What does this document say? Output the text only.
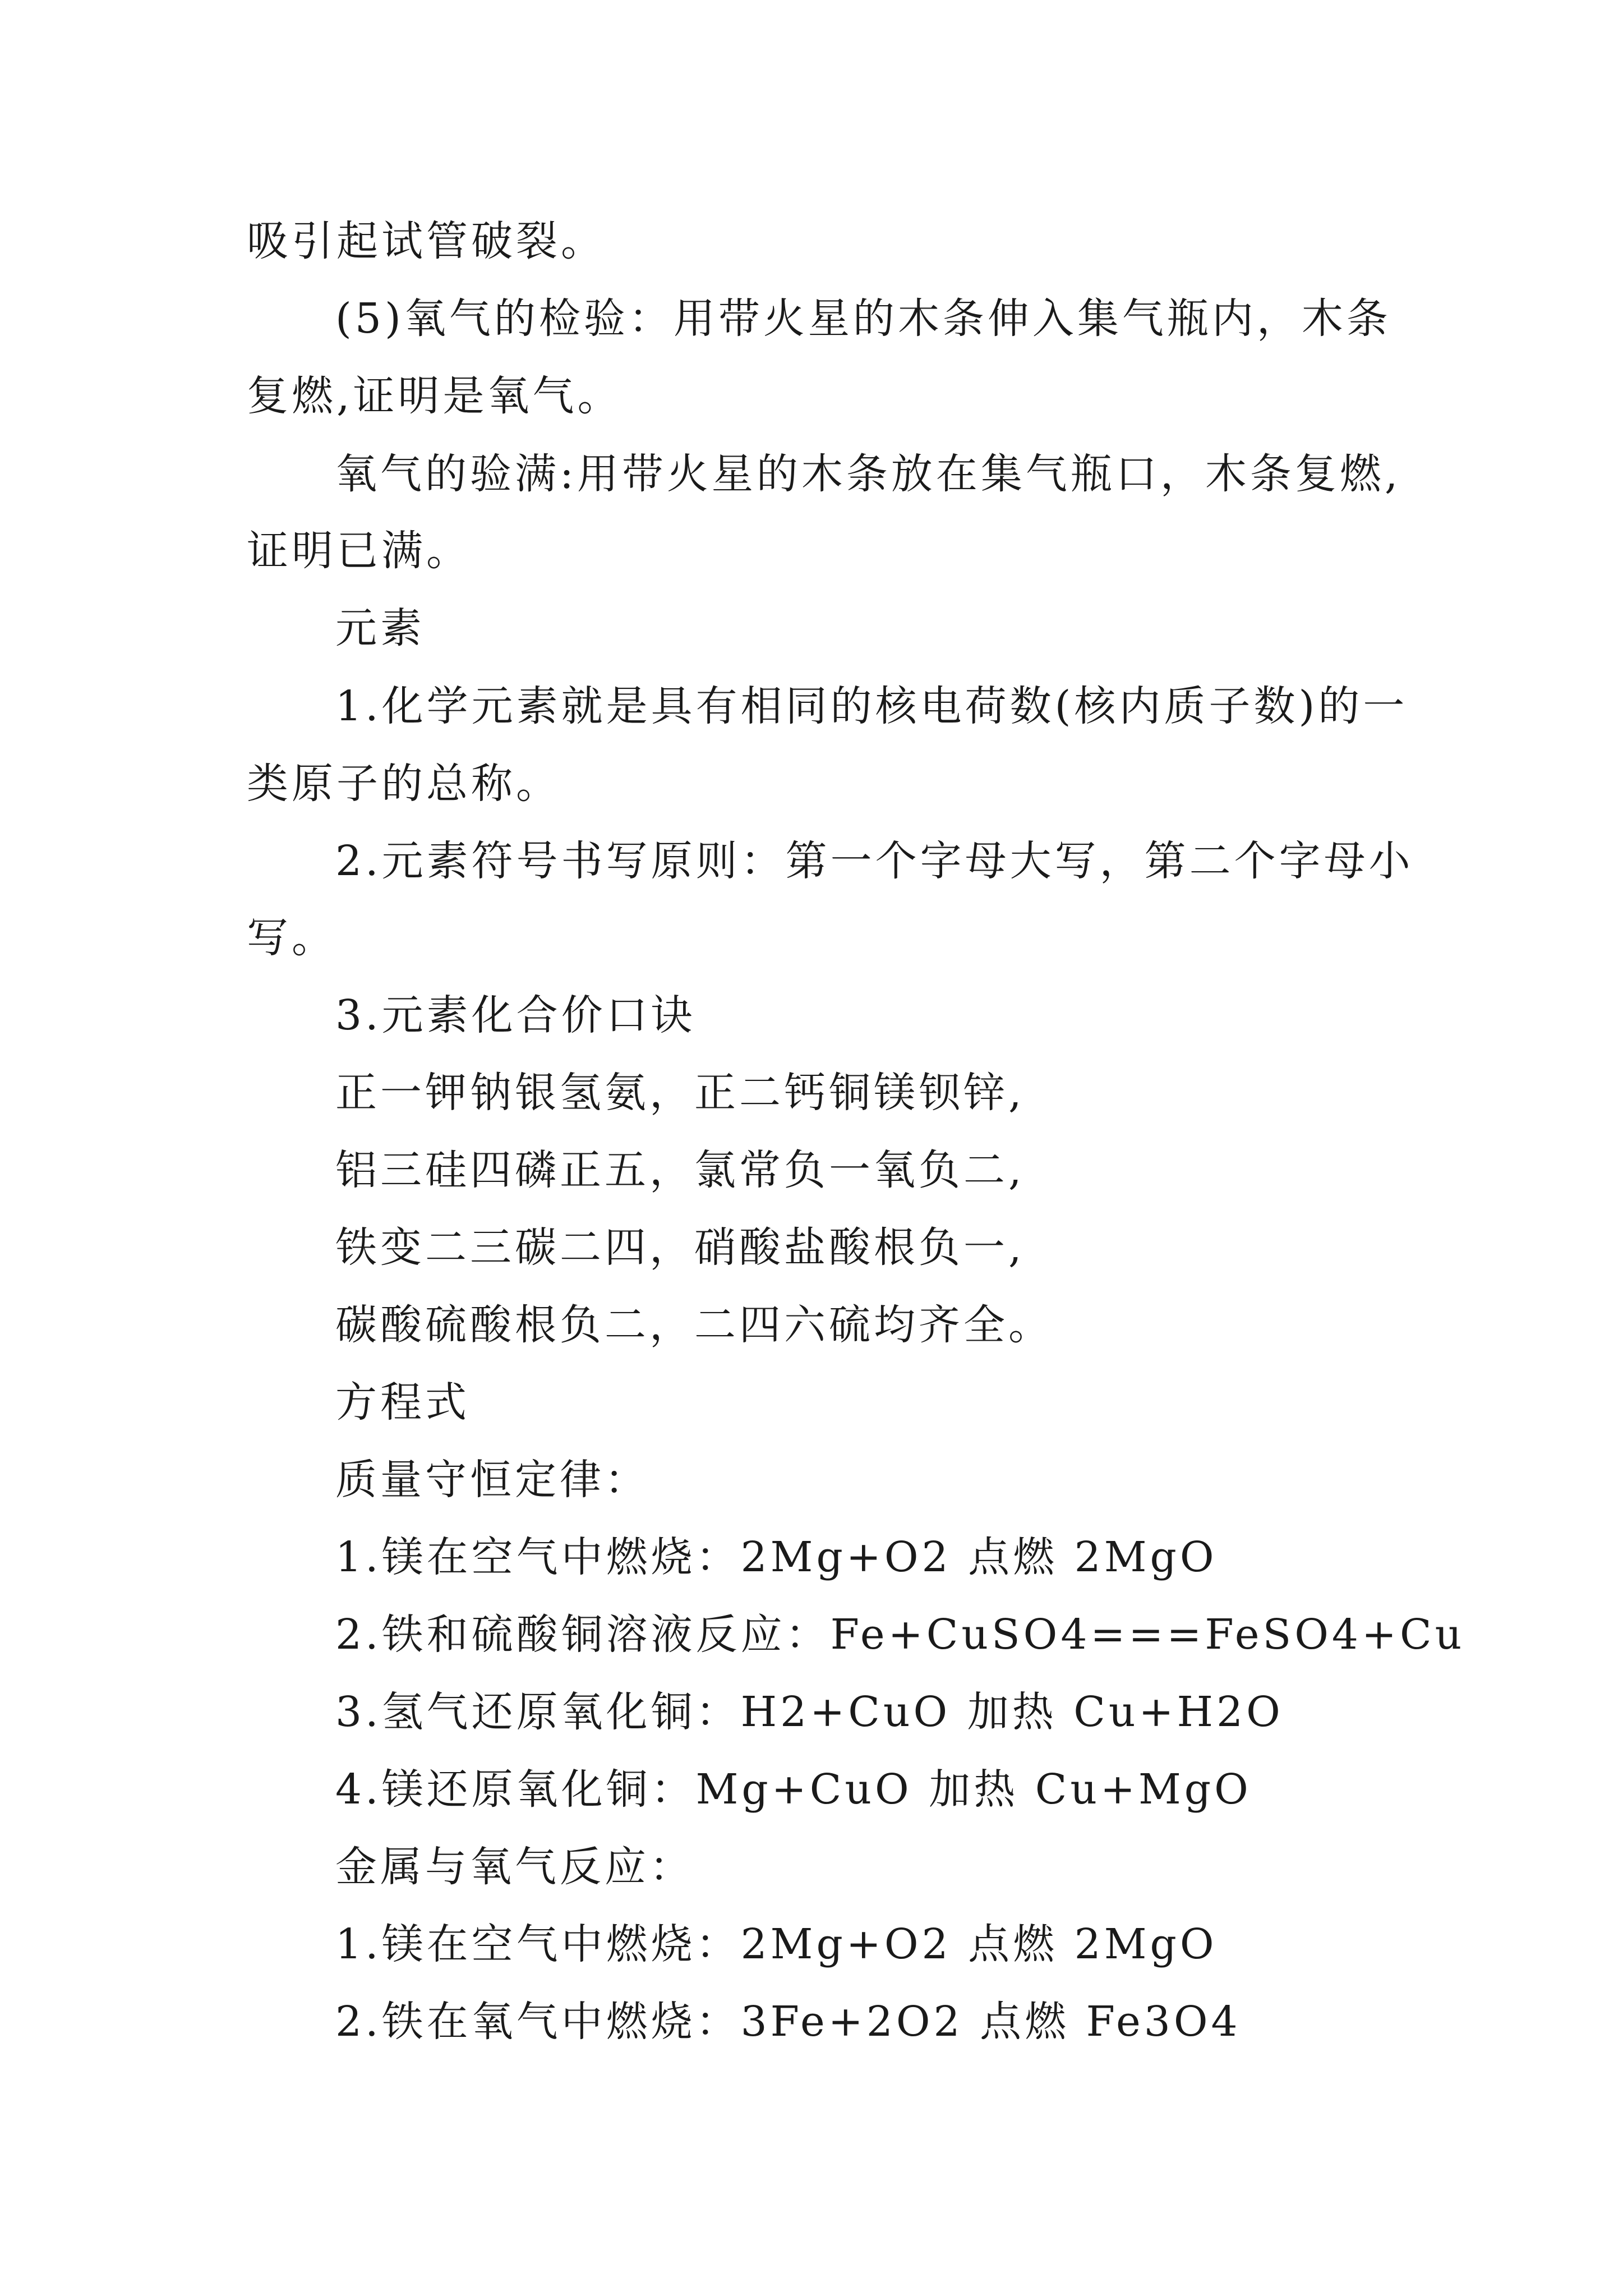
吸引起试管破裂。
(5)氧气的检验：用带火星的木条伸入集气瓶内，木条
复燃,证明是氧气。
氧气的验满:用带火星的木条放在集气瓶口，木条复燃,
证明已满。
元素
1.化学元素就是具有相同的核电荷数(核内质子数)的一
类原子的总称。
2.元素符号书写原则：第一个字母大写，第二个字母小
写。
3.元素化合价口诀
正一钾钠银氢氨，正二钙铜镁钡锌,
铝三硅四磷正五，氯常负一氧负二,
铁变二三碳二四，硝酸盐酸根负一,
碳酸硫酸根负二，二四六硫均齐全。
方程式
质量守恒定律：
1.镁在空气中燃烧：2Mg+O2 点燃 2MgO
2.铁和硫酸铜溶液反应：Fe+CuSO4===FeSO4+Cu
3.氢气还原氧化铜：H2+CuO 加热 Cu+H2O
4.镁还原氧化铜：Mg+CuO 加热 Cu+MgO
金属与氧气反应：
1.镁在空气中燃烧：2Mg+O2 点燃 2MgO
2.铁在氧气中燃烧：3Fe+2O2 点燃 Fe3O4
